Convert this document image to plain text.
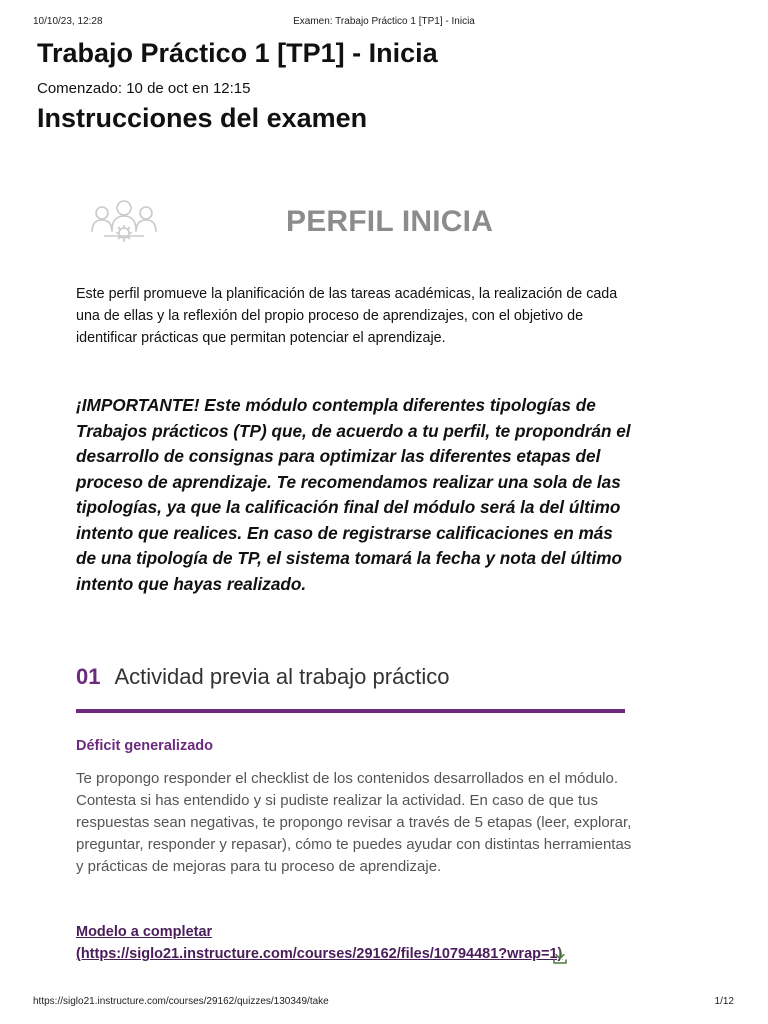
10/10/23, 12:28	Examen: Trabajo Práctico 1 [TP1] - Inicia
Trabajo Práctico 1 [TP1] - Inicia
Comenzado: 10 de oct en 12:15
Instrucciones del examen
PERFIL INICIA

Este perfil promueve la planificación de las tareas académicas, la realización de cada una de ellas y la reflexión del propio proceso de aprendizajes, con el objetivo de identificar prácticas que permitan potenciar el aprendizaje.

¡IMPORTANTE! Este módulo contempla diferentes tipologías de Trabajos prácticos (TP) que, de acuerdo a tu perfil, te propondrán el desarrollo de consignas para optimizar las diferentes etapas del proceso de aprendizaje. Te recomendamos realizar una sola de las tipologías, ya que la calificación final del módulo será la del último intento que realices. En caso de registrarse calificaciones en más de una tipología de TP, el sistema tomará la fecha y nota del último intento que hayas realizado.

01 Actividad previa al trabajo práctico
Déficit generalizado

Te propongo responder el checklist de los contenidos desarrollados en el módulo. Contesta si has entendido y si pudiste realizar la actividad. En caso de que tus respuestas sean negativas, te propongo revisar a través de 5 etapas (leer, explorar, preguntar, responder y repasar), cómo te puedes ayudar con distintas herramientas y prácticas de mejoras para tu proceso de aprendizaje.

Modelo a completar
(https://siglo21.instructure.com/courses/29162/files/10794481?wrap=1)
https://siglo21.instructure.com/courses/29162/quizzes/130349/take	1/12
